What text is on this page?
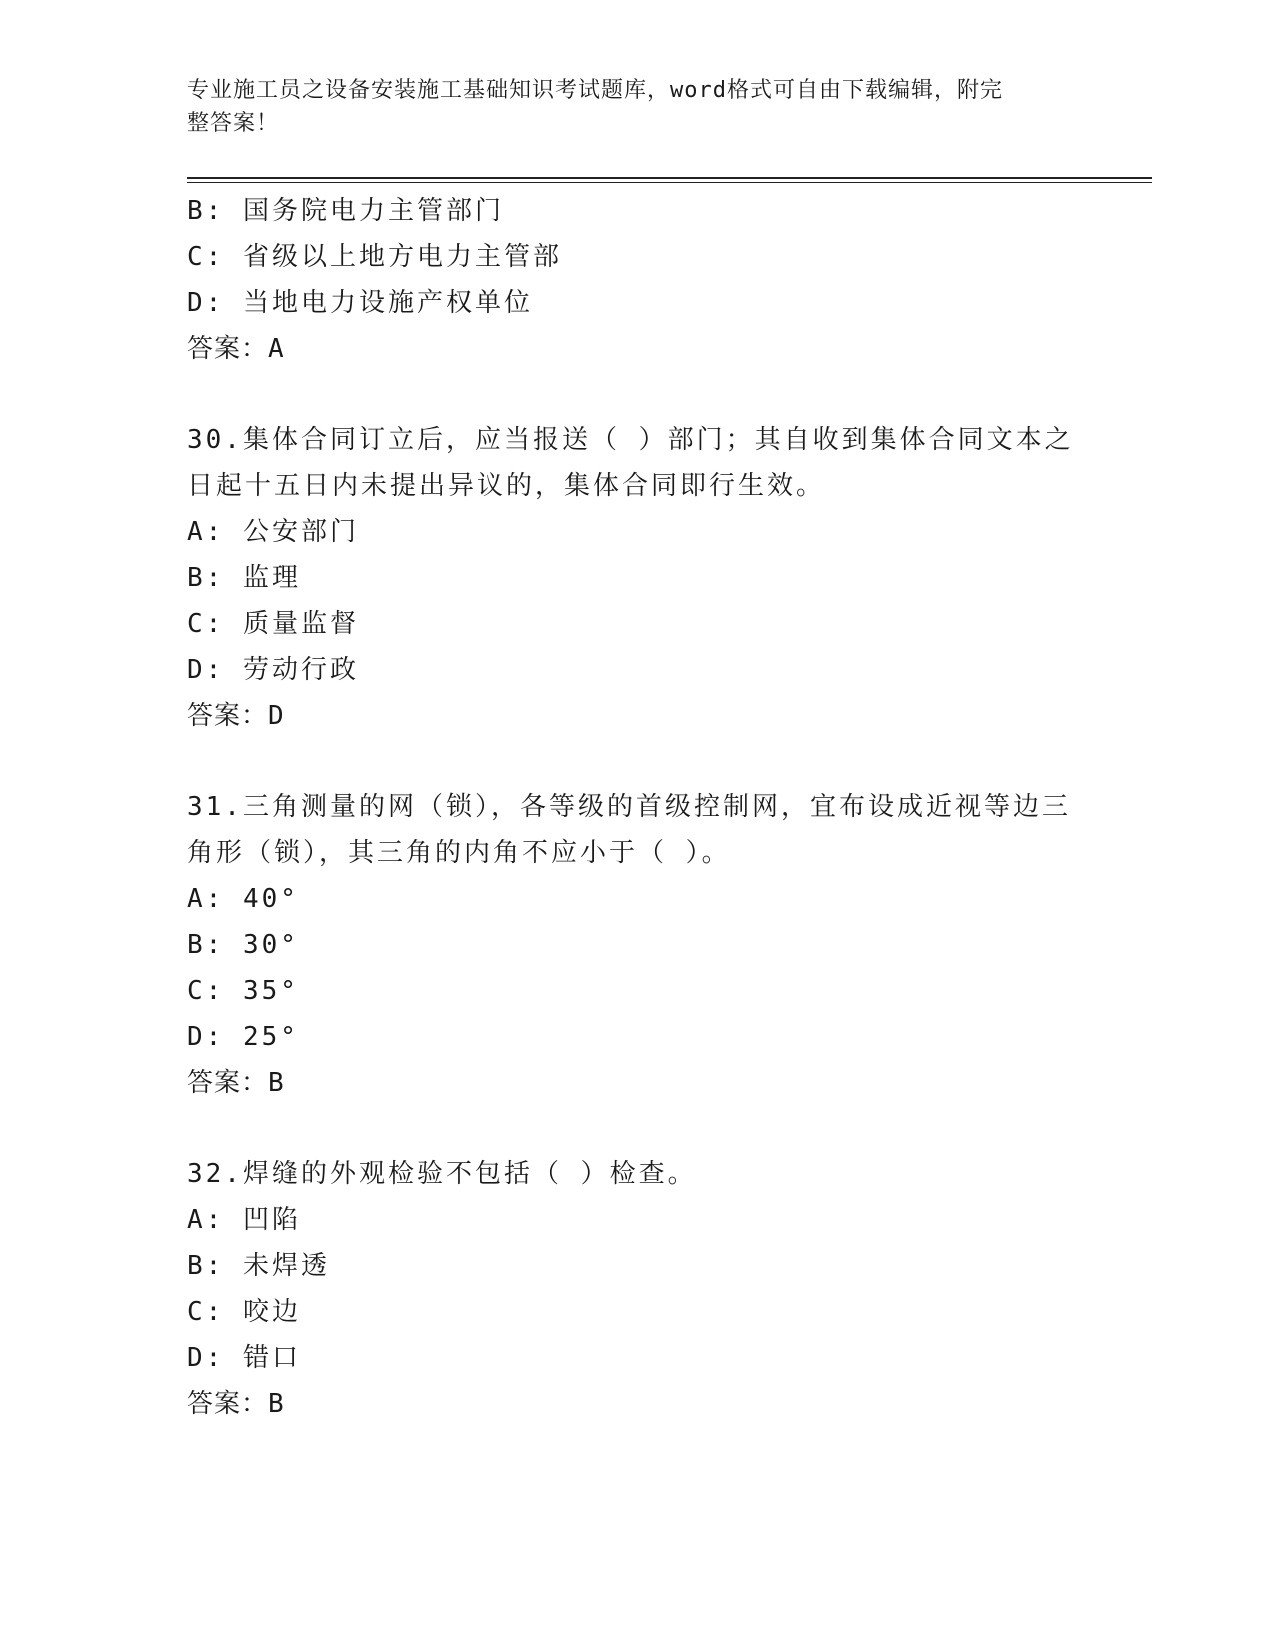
专业施工员之设备安装施工基础知识考试题库，word格式可自由下载编辑，附完
整答案！
B: 国务院电力主管部门
C: 省级以上地方电力主管部
D: 当地电力设施产权单位
答案：A
30.集体合同订立后，应当报送（ ）部门；其自收到集体合同文本之
日起十五日内未提出异议的，集体合同即行生效。
A: 公安部门
B: 监理
C: 质量监督
D: 劳动行政
答案：D
31.三角测量的网（锁），各等级的首级控制网，宜布设成近视等边三
角形（锁），其三角的内角不应小于（ ）。
A: 40°
B: 30°
C: 35°
D: 25°
答案：B
32.焊缝的外观检验不包括（ ）检查。
A: 凹陷
B: 未焊透
C: 咬边
D: 错口
答案：B
